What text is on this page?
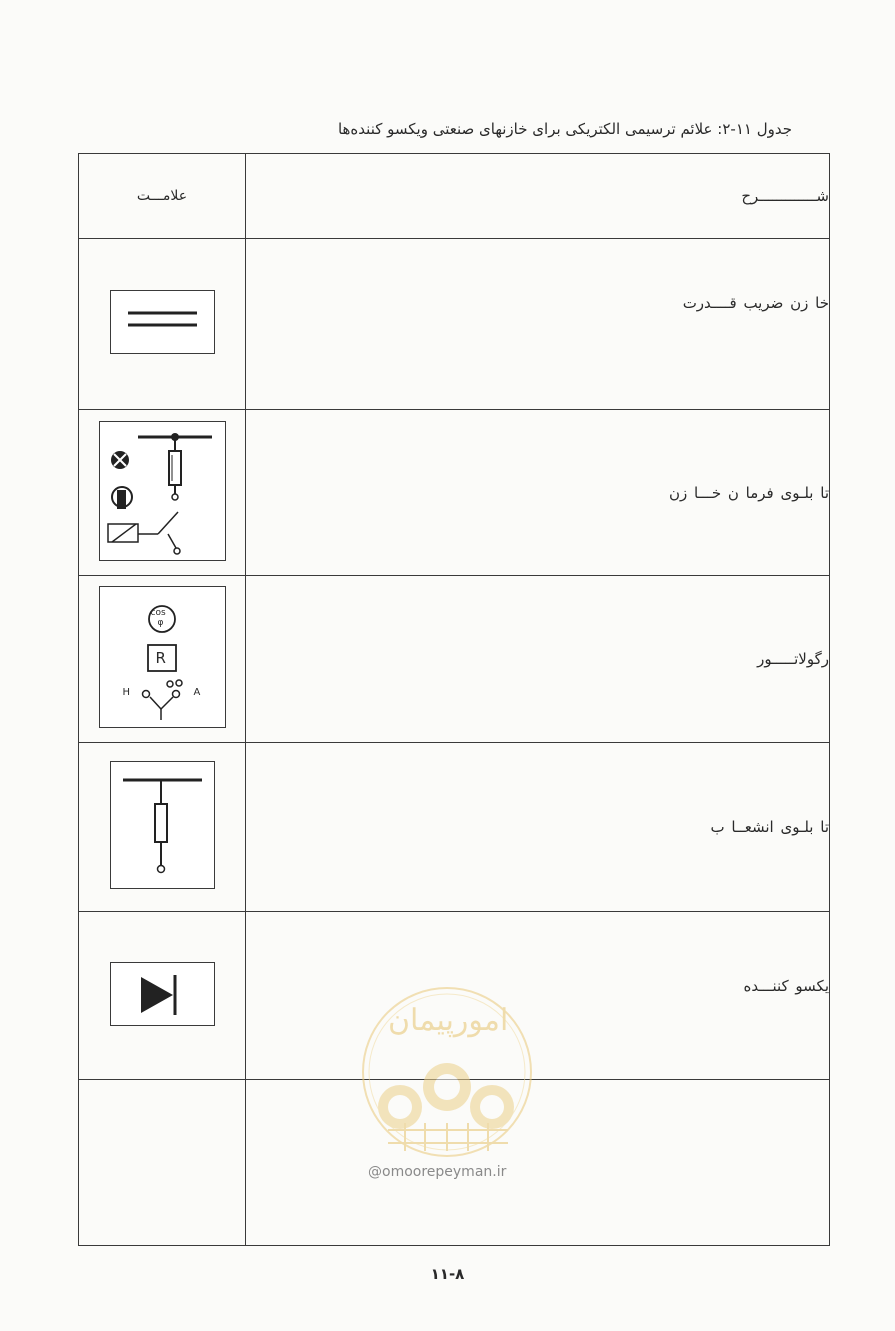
جدول ۱۱-۲: علائم ترسیمی الکتریکی برای خازنهای صنعتی ویکسو کننده‌ها
شـــــــــــــرح	علامـــت
خا زن ضریب قــــدرت	

تا بلـوی فرما ن خـــا زن	

رگولاتـــــور	cos
φ
R
H A

تا بلـوی انشعــا ب	

یکسو کننـــده	

امورپیمان
@omoorepeyman.ir
۱۱-۸
